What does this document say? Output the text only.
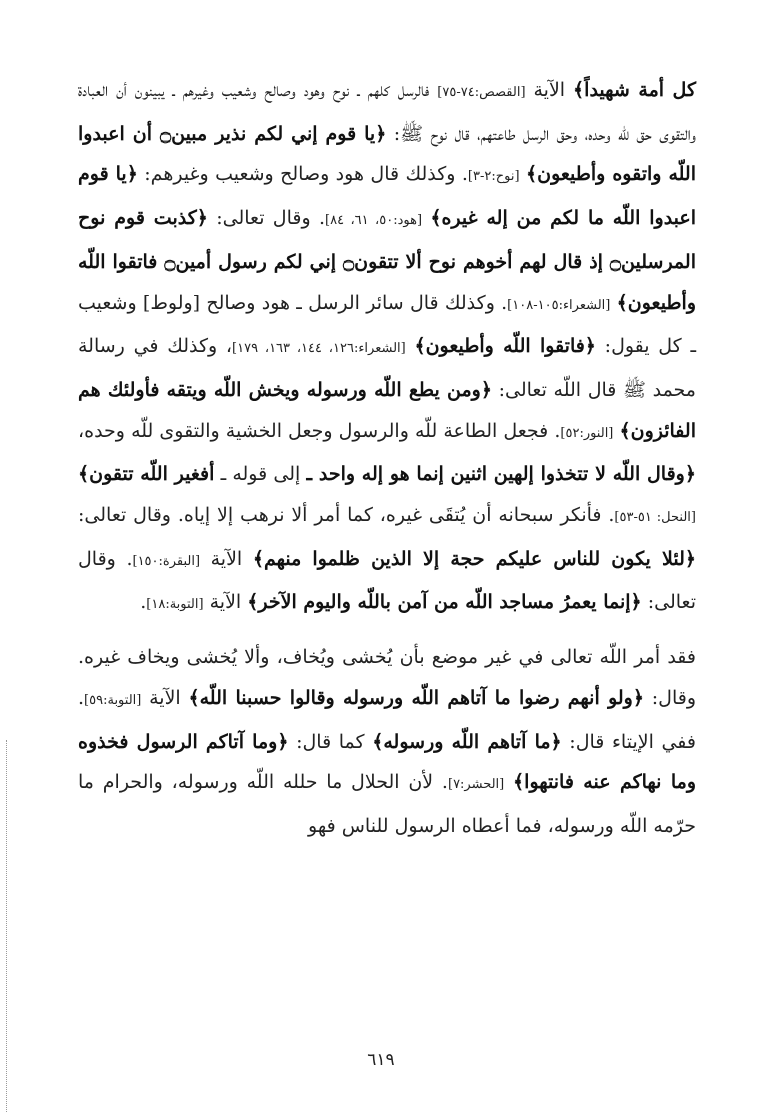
كل أمة شهيداً﴾ الآية [القصص:٧٤-٧٥] فالرسل كلهم ـ نوح وهود وصالح وشعيب وغيرهم ـ يبينون أن العبادة والتقوى حق للّه وحده، وحق الرسل طاعتهم، قال نوح ﷺ: ﴿يا قوم إني لكم نذير مبين۝ أن اعبدوا اللّه واتقوه وأطيعون﴾ [نوح:٢-٣]. وكذلك قال هود وصالح وشعيب وغيرهم: ﴿يا قوم اعبدوا اللّه ما لكم من إله غيره﴾ [هود:٥٠، ٦١، ٨٤]. وقال تعالى: ﴿كذبت قوم نوح المرسلين۝ إذ قال لهم أخوهم نوح ألا تتقون۝ إني لكم رسول أمين۝ فاتقوا اللّه وأطيعون﴾ [الشعراء:١٠٥-١٠٨]. وكذلك قال سائر الرسل ـ هود وصالح [ولوط] وشعيب ـ كل يقول: ﴿فاتقوا اللّه وأطيعون﴾ [الشعراء:١٢٦، ١٤٤، ١٦٣، ١٧٩]، وكذلك في رسالة محمد ﷺ قال اللّه تعالى: ﴿ومن يطع اللّه ورسوله ويخش اللّه ويتقه فأولئك هم الفائزون﴾ [النور:٥٢]. فجعل الطاعة للّه والرسول وجعل الخشية والتقوى للّه وحده، ﴿وقال اللّه لا تتخذوا إلهين اثنين إنما هو إله واحد ـ إلى قوله ـ أفغير اللّه تتقون﴾ [النحل: ٥١-٥٣]. فأنكر سبحانه أن يُتقَى غيره، كما أمر ألا نرهب إلا إياه. وقال تعالى: ﴿لئلا يكون للناس عليكم حجة إلا الذين ظلموا منهم﴾ الآية [البقرة:١٥٠]. وقال تعالى: ﴿إنما يعمرُ مساجد اللّه من آمن باللّه واليوم الآخر﴾ الآية [التوبة:١٨].

فقد أمر اللّه تعالى في غير موضع بأن يُخشى ويُخاف، وألا يُخشى ويخاف غيره. وقال: ﴿ولو أنهم رضوا ما آتاهم اللّه ورسوله وقالوا حسبنا اللّه﴾ الآية [التوبة:٥٩]. ففي الإيتاء قال: ﴿ما آتاهم اللّه ورسوله﴾ كما قال: ﴿وما آتاكم الرسول فخذوه وما نهاكم عنه فانتهوا﴾ [الحشر:٧]. لأن الحلال ما حلله اللّه ورسوله، والحرام ما حرّمه اللّه ورسوله، فما أعطاه الرسول للناس فهو

٦١٩
